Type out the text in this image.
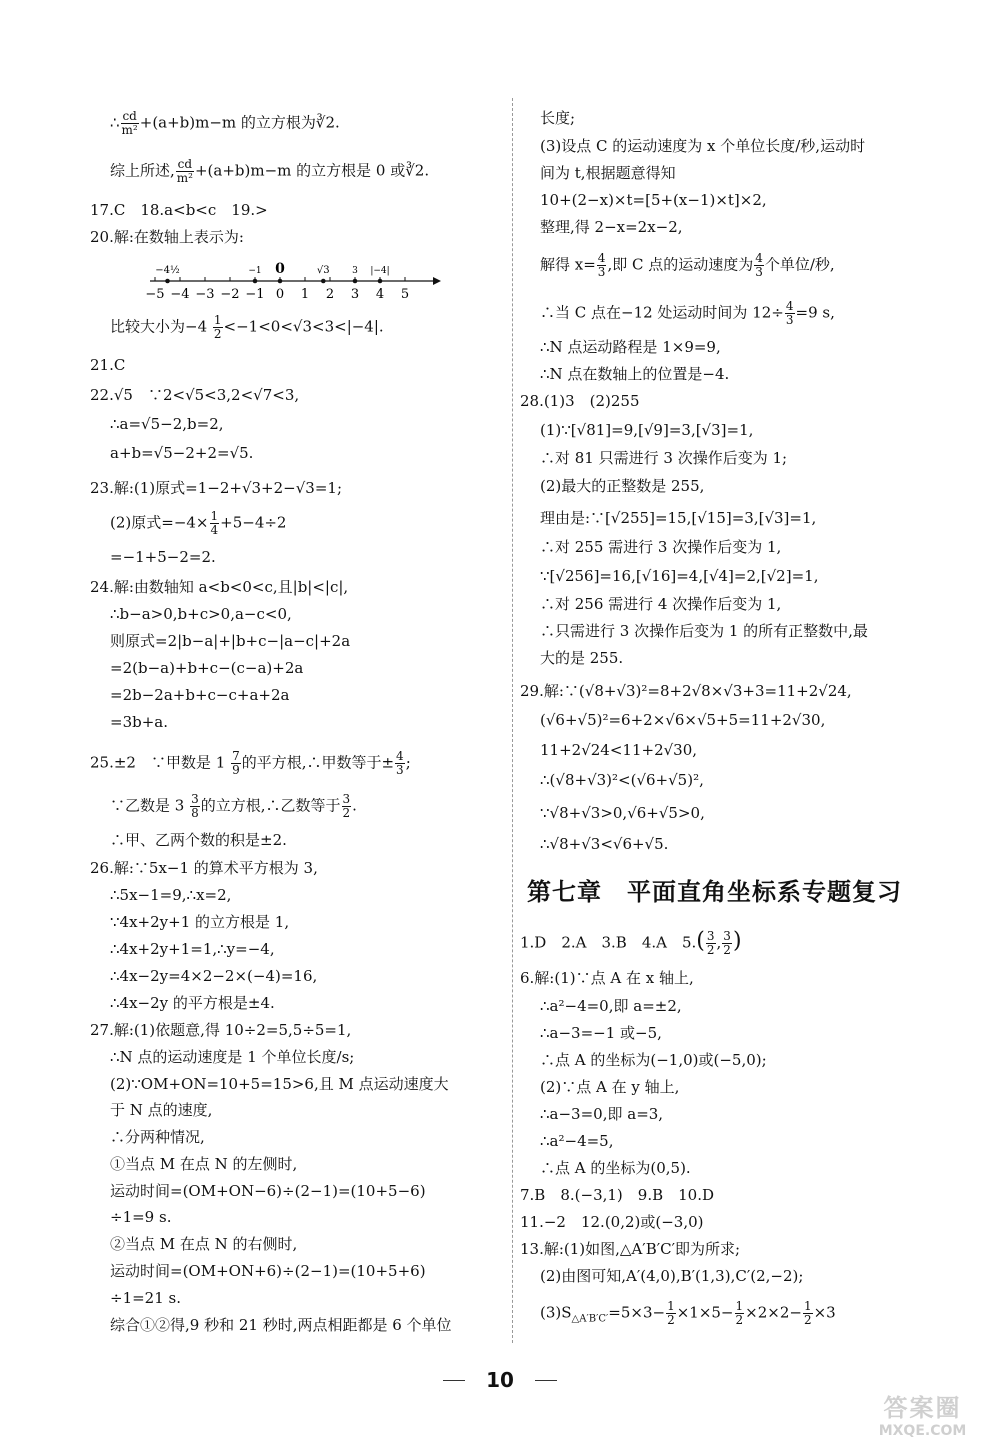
∴ $\frac{cd}{\text{m²}} +(a+b)m-m$ 的立方根为∛2.
综上所述, $\frac{cd}{\text{m²}} +(a+b)m-m$ 的立方根是 0 或∛2.
17.C　18.a<b<c　19.>
20.解:在数轴上表示为:
−5 −4 −3 −2 −1 0 1 2 3 4 5
−4½	−1 0	√3 3 |−4|
比较大小为$-4 \frac{1}{2} <-1<0<√3<3<|-4|$.
21.C
22.√5　∵2<√5<3,2<√7<3,
∴a=√5−2,b=2,
a+b=√5−2+2=√5.
23.解:(1)原式=1−2+√3+2−√3=1;
(2)原式$=-4\times \frac{1}{4} +5-4\div 2$
=−1+5−2=2.
24.解:由数轴知 a<b<0<c,且|b|<|c|,
∴b−a>0,b+c>0,a−c<0,
则原式=2|b−a|+|b+c−|a−c|+2a
=2(b−a)+b+c−(c−a)+2a
=2b−2a+b+c−c+a+2a
=3b+a.
25.±2　∵甲数是 $1 \frac{7}{9}$ 的平方根,∴甲数等于± $\frac{4}{3}$ ;
∵乙数是 $3 \frac{3}{8}$ 的立方根,∴乙数等于 $\frac{3}{2}$ .
∴甲、乙两个数的积是±2.
26.解:∵5x−1 的算术平方根为 3,
∴5x−1=9,∴x=2,
∵4x+2y+1 的立方根是 1,
∴4x+2y+1=1,∴y=−4,
∴4x−2y=4×2−2×(−4)=16,
∴4x−2y 的平方根是±4.
27.解:(1)依题意,得 10÷2=5,5÷5=1,
∴N 点的运动速度是 1 个单位长度/s;
(2)∵OM+ON=10+5=15>6,且 M 点运动速度大
于 N 点的速度,
∴分两种情况,
①当点 M 在点 N 的左侧时,
运动时间=(OM+ON−6)÷(2−1)=(10+5−6)
÷1=9 s.
②当点 M 在点 N 的右侧时,
运动时间=(OM+ON+6)÷(2−1)=(10+5+6)
÷1=21 s.
综合①②得,9 秒和 21 秒时,两点相距都是 6 个单位
长度;
(3)设点 C 的运动速度为 x 个单位长度/秒,运动时
间为 t,根据题意得知
10+(2−x)×t=[5+(x−1)×t]×2,
整理,得 2−x=2x−2,
解得 $x= \frac{4}{3}$ ,即 C 点的运动速度为 $\frac{4}{3}$ 个单位/秒,
∴当 C 点在−12 处运动时间为 $12\div \frac{4}{3} =9$ s,
∴N 点运动路程是 1×9=9,
∴N 点在数轴上的位置是−4.
28.(1)3　(2)255
(1)∵[√81]=9,[√9]=3,[√3]=1,
∴对 81 只需进行 3 次操作后变为 1;
(2)最大的正整数是 255,
理由是:∵[√255]=15,[√15]=3,[√3]=1,
∴对 255 需进行 3 次操作后变为 1,
∵[√256]=16,[√16]=4,[√4]=2,[√2]=1,
∴对 256 需进行 4 次操作后变为 1,
∴只需进行 3 次操作后变为 1 的所有正整数中,最
大的是 255.
29.解:∵(√8+√3)²=8+2√8×√3+3=11+2√24,
(√6+√5)²=6+2×√6×√5+5=11+2√30,
11+2√24<11+2√30,
∴(√8+√3)²<(√6+√5)²,
∵√8+√3>0,√6+√5>0,
∴√8+√3<√6+√5.
第七章　平面直角坐标系专题复习
1.D　2.A　3.B　4.A　$5.( \frac{3}{2}$ , $\frac{3}{2}$ )
6.解:(1)∵点 A 在 x 轴上,
∴a²−4=0,即 a=±2,
∴a−3=−1 或−5,
∴点 A 的坐标为(−1,0)或(−5,0);
(2)∵点 A 在 y 轴上,
∴a−3=0,即 a=3,
∴a²−4=5,
∴点 A 的坐标为(0,5).
7.B　8.(−3,1)　9.B　10.D
11.−2　12.(0,2)或(−3,0)
13.解:(1)如图,△A′B′C′即为所求;
(2)由图可知,A′(4,0),B′(1,3),C′(2,−2);
$(3)S_{\triangle A'B'C'}=5\times 3- \frac{1}{2} \times 1\times 5- \frac{1}{2} \times 2\times 2- \frac{1}{2} \times 3$
10
答案圈
MXQE.COM
